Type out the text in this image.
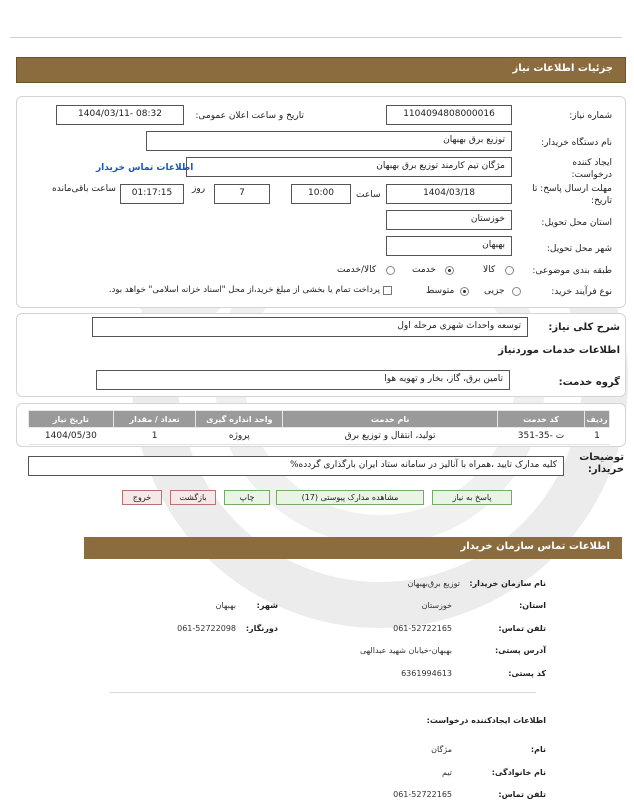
جزئیات اطلاعات نیاز
شماره نیاز:
1104094808000016
تاریخ و ساعت اعلان عمومی:
1404/03/11- 08:32
نام دستگاه خریدار:
توزیع برق بهبهان
ایجاد کننده درخواست:
مژگان تیم کارمند توزیع برق بهبهان
اطلاعات تماس خریدار
مهلت ارسال پاسخ: تا تاریخ:
1404/03/18
ساعت
10:00
7
روز
01:17:15
ساعت باقی‌مانده
استان محل تحویل:
خوزستان
شهر محل تحویل:
بهبهان
طبقه بندی موضوعی:
کالا
خدمت
کالا/خدمت
نوع فرآیند خرید:
جزیی
متوسط
پرداخت تمام یا بخشی از مبلغ خرید،از محل "اسناد خزانه اسلامی" خواهد بود.
شرح کلی نیاز:
توسعه واحداث شهری مرحله اول
اطلاعات خدمات موردنیاز
گروه خدمت:
تامین برق، گاز، بخار و تهویه هوا
تاریخ نیاز	تعداد / مقدار	واحد اندازه گیری	نام خدمت	کد خدمت	ردیف
1404/05/30	1	پروژه	تولید، انتقال و توزیع برق	ت -35-351	1
توضیحات خریدار:
کلیه مدارک تایید ،همراه با آنالیز در سامانه ستاد ایران بارگذاری گردده%
پاسخ به نیاز
مشاهده مدارک پیوستی (17)
چاپ
بازگشت
خروج
اطلاعات تماس سازمان خریدار
نام سازمان خریدار:
توزیع برق‌بهبهان
استان:
خوزستان
شهر:
بهبهان
تلفن تماس:
061-52722165
دورنگار:
061-52722098
آدرس پستی:
بهبهان-خیابان شهید عبدالهی
کد پستی:
6361994613
اطلاعات ایجادکننده درخواست:
نام:
مژگان
نام خانوادگی:
تیم
تلفن تماس:
061-52722165
